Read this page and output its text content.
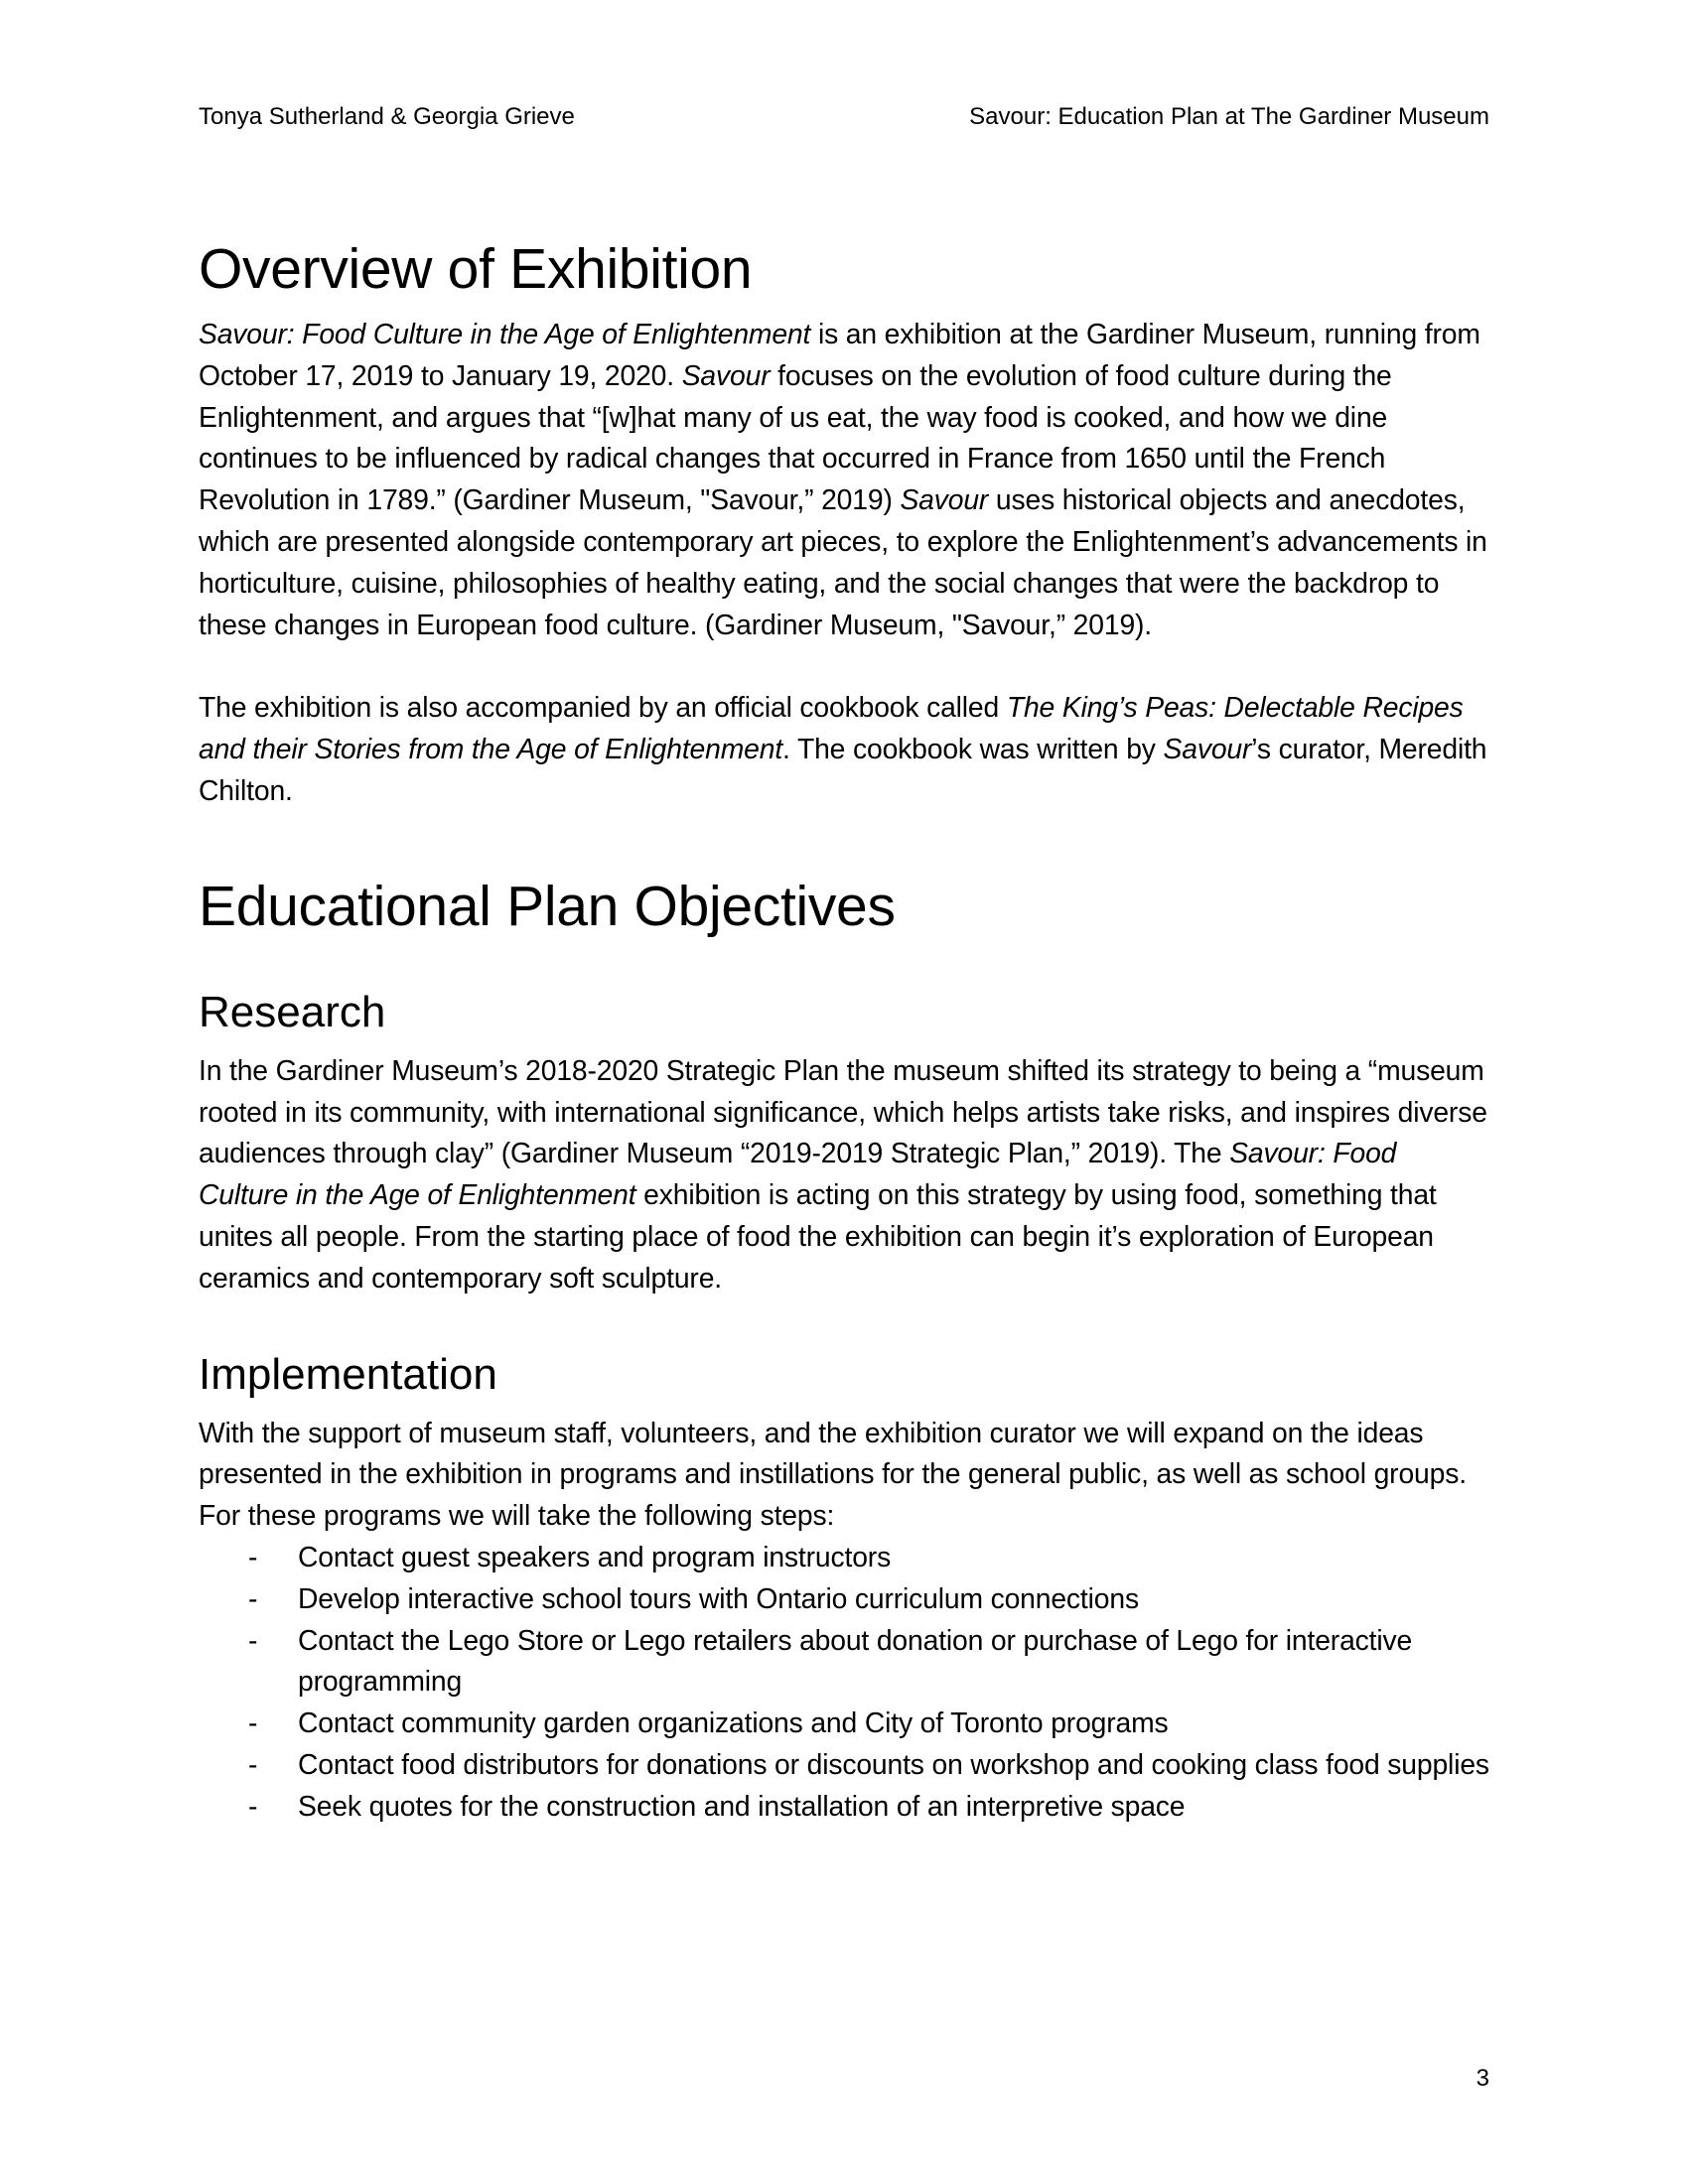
Tonya Sutherland & Georgia Grieve	Savour: Education Plan at The Gardiner Museum
Overview of Exhibition

Savour: Food Culture in the Age of Enlightenment is an exhibition at the Gardiner Museum, running from October 17, 2019 to January 19, 2020. Savour focuses on the evolution of food culture during the Enlightenment, and argues that “[w]hat many of us eat, the way food is cooked, and how we dine continues to be influenced by radical changes that occurred in France from 1650 until the French Revolution in 1789.” (Gardiner Museum, "Savour,” 2019) Savour uses historical objects and anecdotes, which are presented alongside contemporary art pieces, to explore the Enlightenment’s advancements in horticulture, cuisine, philosophies of healthy eating, and the social changes that were the backdrop to these changes in European food culture. (Gardiner Museum, "Savour,” 2019).

The exhibition is also accompanied by an official cookbook called The King’s Peas: Delectable Recipes and their Stories from the Age of Enlightenment. The cookbook was written by Savour’s curator, Meredith Chilton.

Educational Plan Objectives
Research

In the Gardiner Museum’s 2018-2020 Strategic Plan the museum shifted its strategy to being a “museum rooted in its community, with international significance, which helps artists take risks, and inspires diverse audiences through clay” (Gardiner Museum “2019-2019 Strategic Plan,” 2019). The Savour: Food Culture in the Age of Enlightenment exhibition is acting on this strategy by using food, something that unites all people. From the starting place of food the exhibition can begin it’s exploration of European ceramics and contemporary soft sculpture.

Implementation

With the support of museum staff, volunteers, and the exhibition curator we will expand on the ideas presented in the exhibition in programs and instillations for the general public, as well as school groups. For these programs we will take the following steps:

- Contact guest speakers and program instructors
- Develop interactive school tours with Ontario curriculum connections
- Contact the Lego Store or Lego retailers about donation or purchase of Lego for interactive programming
- Contact community garden organizations and City of Toronto programs
- Contact food distributors for donations or discounts on workshop and cooking class food supplies
- Seek quotes for the construction and installation of an interpretive space
3
